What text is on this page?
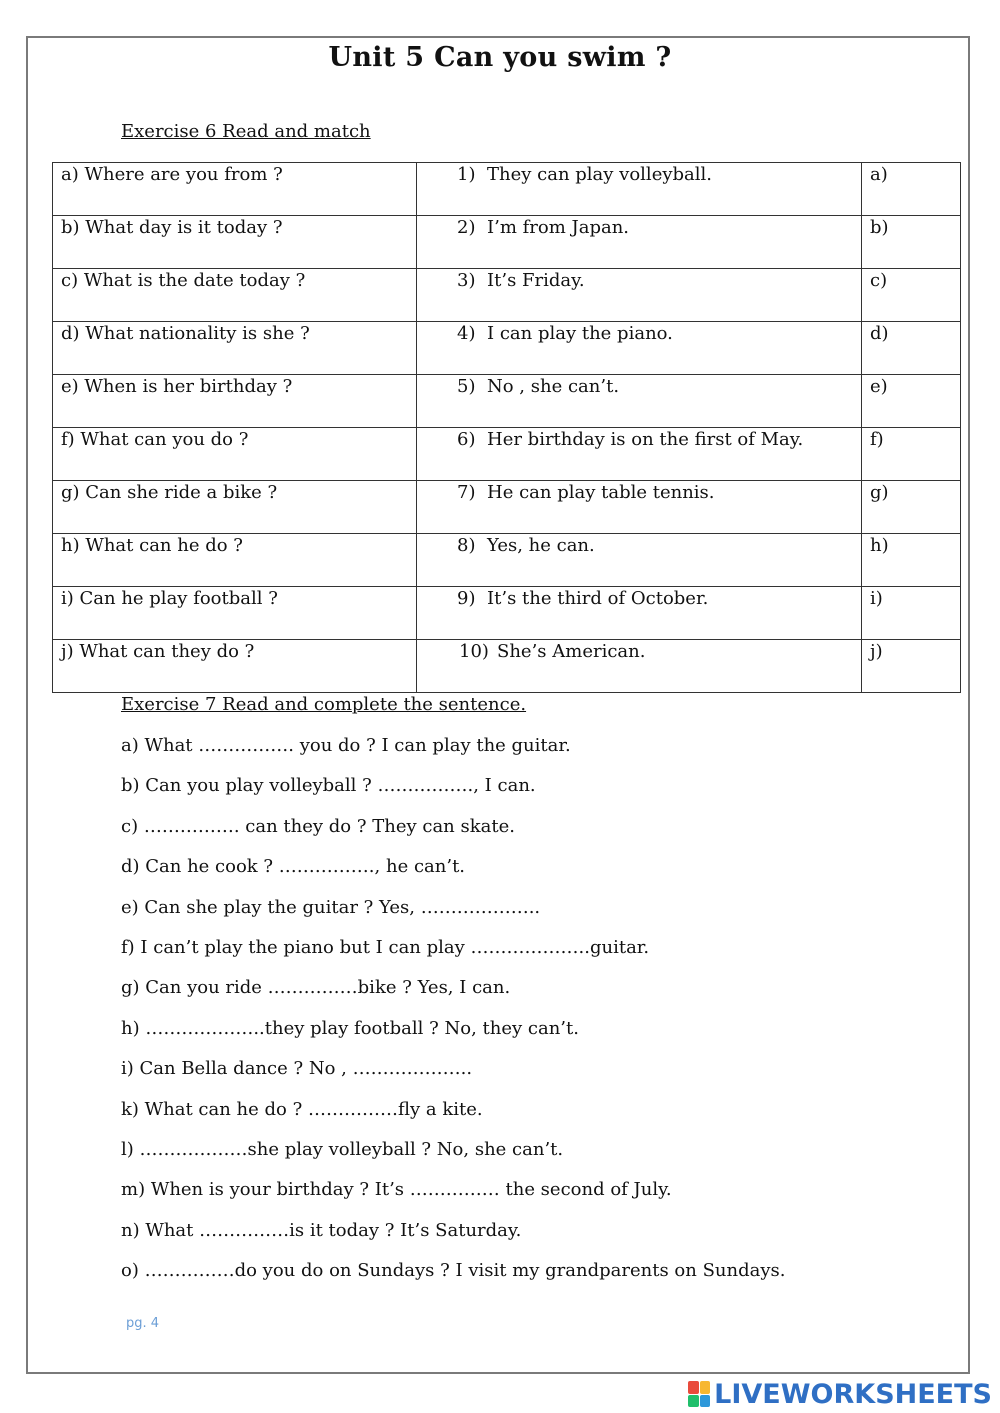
Unit 5 Can you swim ?
Exercise 6 Read and match
a) Where are you from ?	1) They can play volleyball.	a)
b) What day is it today ?	2) I’m from Japan.	b)
c) What is the date today ?	3) It’s Friday.	c)
d) What nationality is she ?	4) I can play the piano.	d)
e) When is her birthday ?	5) No , she can’t.	e)
f) What can you do ?	6) Her birthday is on the first of May.	f)
g) Can she ride a bike ?	7) He can play table tennis.	g)
h) What can he do ?	8) Yes, he can.	h)
i) Can he play football ?	9) It’s the third of October.	i)
j) What can they do ?	10) She’s American.	j)
Exercise 7 Read and complete the sentence.
a) What ……………. you do ? I can play the guitar.
b) Can you play volleyball ? ……………., I can.
c) ……………. can they do ? They can skate.
d) Can he cook ? ……………., he can’t.
e) Can she play the guitar ? Yes, ………………..
f) I can’t play the piano but I can play ………………..guitar.
g) Can you ride ……………bike ? Yes, I can.
h) ………………..they play football ? No, they can’t.
i) Can Bella dance ? No , ………………..
k) What can he do ? ……………fly a kite.
l) ………………she play volleyball ? No, she can’t.
m) When is your birthday ? It’s …………… the second of July.
n) What ……………is it today ? It’s Saturday.
o) ……………do you do on Sundays ? I visit my grandparents on Sundays.
pg. 4
LIVEWORKSHEETS
